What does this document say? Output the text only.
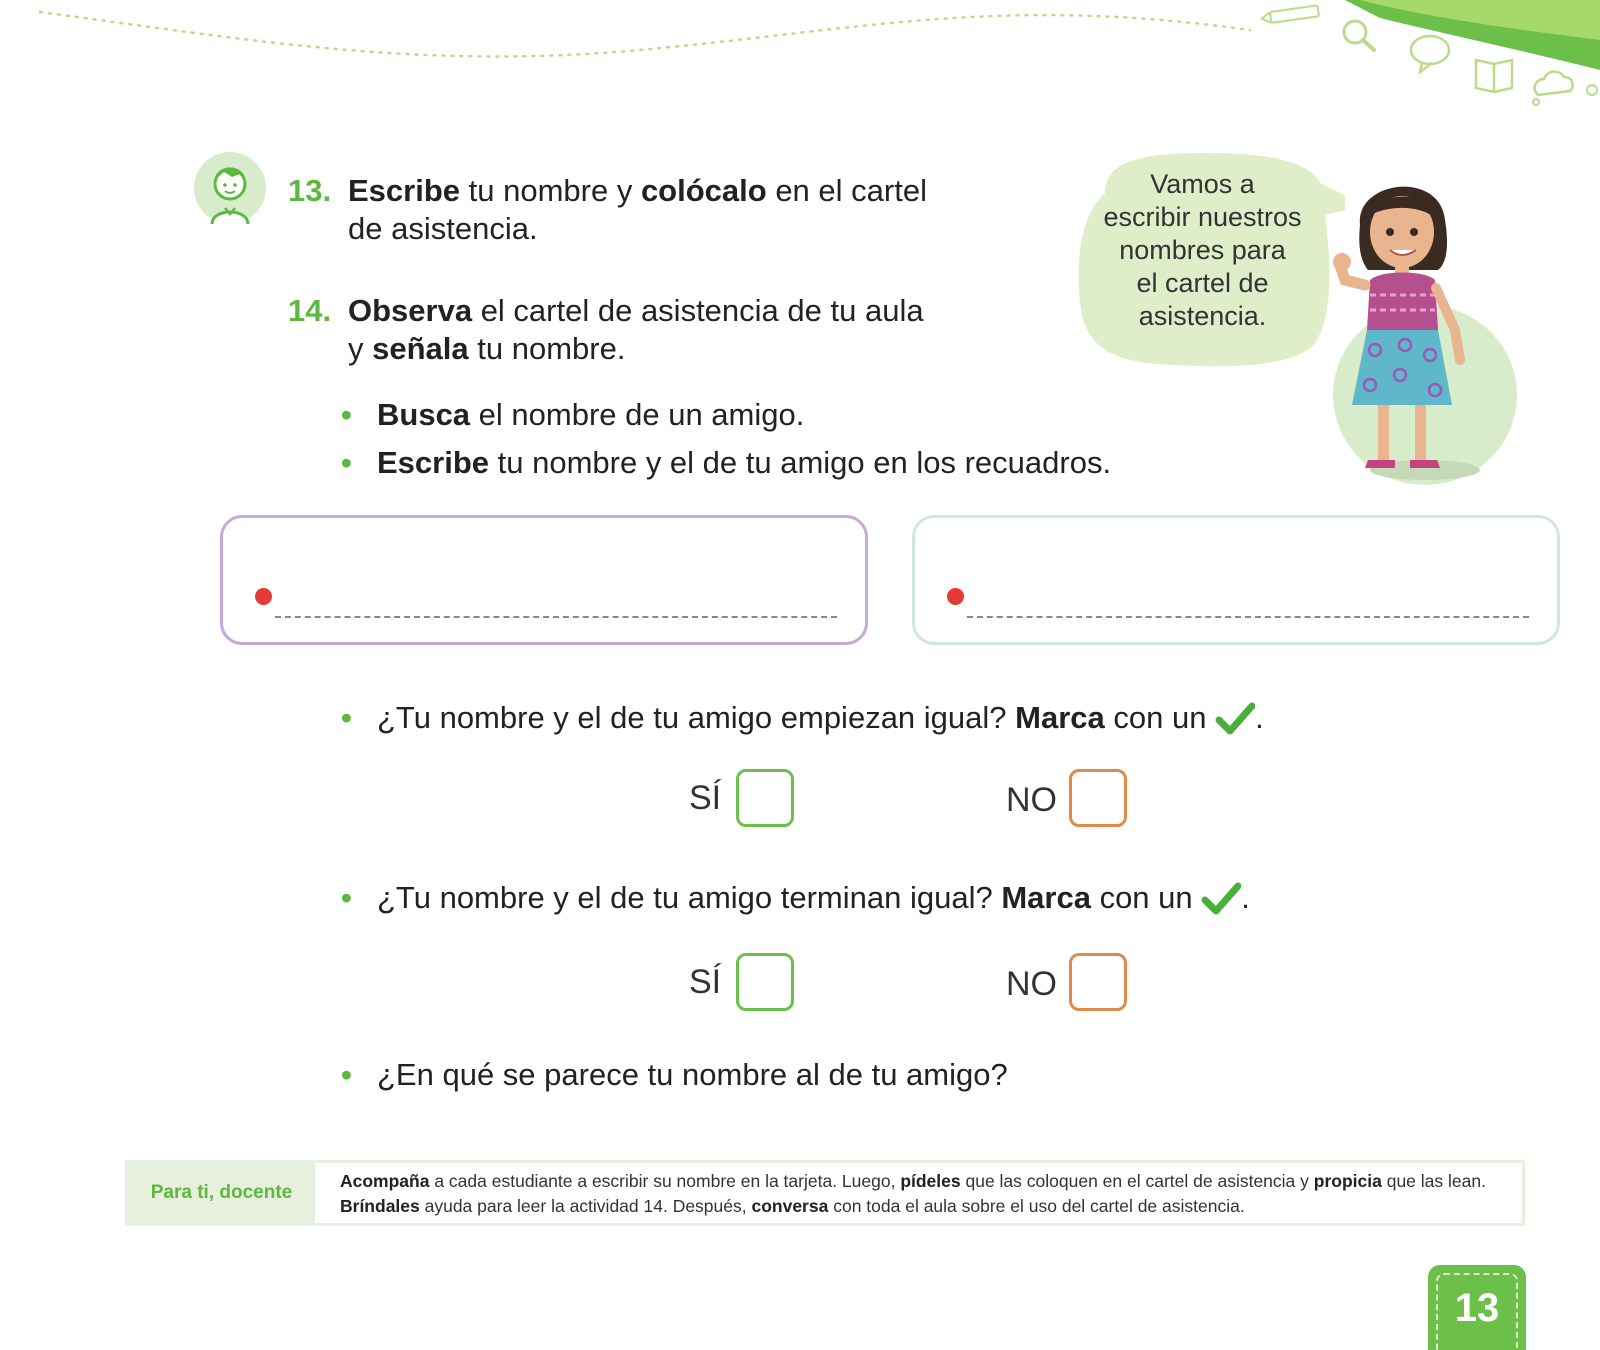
13. Escribe tu nombre y colócalo en el cartel
de asistencia.
14. Observa el cartel de asistencia de tu aula
y señala tu nombre.
• Busca el nombre de un amigo.
• Escribe tu nombre y el de tu amigo en los recuadros.
Vamos a
escribir nuestros
nombres para
el cartel de
asistencia.
• ¿Tu nombre y el de tu amigo empiezan igual? Marca con un .
SÍ	NO
• ¿Tu nombre y el de tu amigo terminan igual? Marca con un .
SÍ	NO
• ¿En qué se parece tu nombre al de tu amigo?
Para ti, docente
Acompaña a cada estudiante a escribir su nombre en la tarjeta. Luego, pídeles que las coloquen en el cartel de asistencia y propicia que las lean. Bríndales ayuda para leer la actividad 14. Después, conversa con toda el aula sobre el uso del cartel de asistencia.
13
